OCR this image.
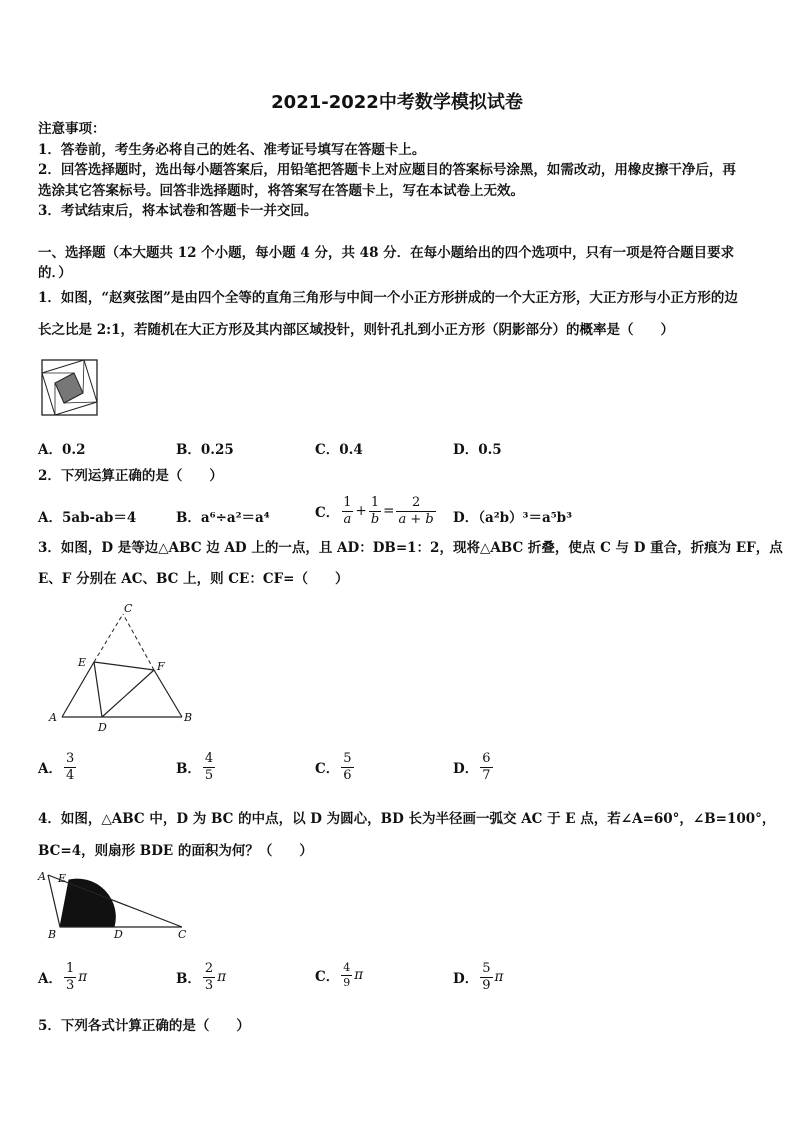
2021-2022中考数学模拟试卷
注意事项：
1．答卷前，考生务必将自己的姓名、准考证号填写在答题卡上。
2．回答选择题时，选出每小题答案后，用铅笔把答题卡上对应题目的答案标号涂黑，如需改动，用橡皮擦干净后，再
选涂其它答案标号。回答非选择题时，将答案写在答题卡上，写在本试卷上无效。
3．考试结束后，将本试卷和答题卡一并交回。
一、选择题（本大题共 12 个小题，每小题 4 分，共 48 分．在每小题给出的四个选项中，只有一项是符合题目要求
的．）
1．如图，“赵爽弦图”是由四个全等的直角三角形与中间一个小正方形拼成的一个大正方形，大正方形与小正方形的边
长之比是 2:1，若随机在大正方形及其内部区域投针，则针孔扎到小正方形（阴影部分）的概率是（　　）
A．0.2	B．0.25	C．0.4	D．0.5
2．下列运算正确的是（　　）
A．5ab-ab＝4	B．a⁶÷a²＝a⁴	C． $\frac{1}{a} + \frac{1}{b} = \frac{2}{a + b}$ D．（a²b）³＝a⁵b³
3．如图，D 是等边△ABC 边 AD 上的一点，且 AD：DB=1：2，现将△ABC 折叠，使点 C 与 D 重合，折痕为 EF，点
E、F 分别在 AC、BC 上，则 CE：CF=（　　）
C
E	F
A
D
B
A． $\frac{3}{4}$	B． $\frac{4}{5}$	C． $\frac{5}{6}$	D． $\frac{6}{7}$
4．如图，△ABC 中，D 为 BC 的中点，以 D 为圆心，BD 长为半径画一弧交 AC 于 E 点，若∠A=60°，∠B=100°，
BC=4，则扇形 BDE 的面积为何？（　　）
A E
B	D	C
A． $\frac{1}{3}$ π	B． $\frac{2}{3}$ π	C． $\frac{4}{9}$ π	D． $\frac{5}{9}$ π
5．下列各式计算正确的是（　　）
